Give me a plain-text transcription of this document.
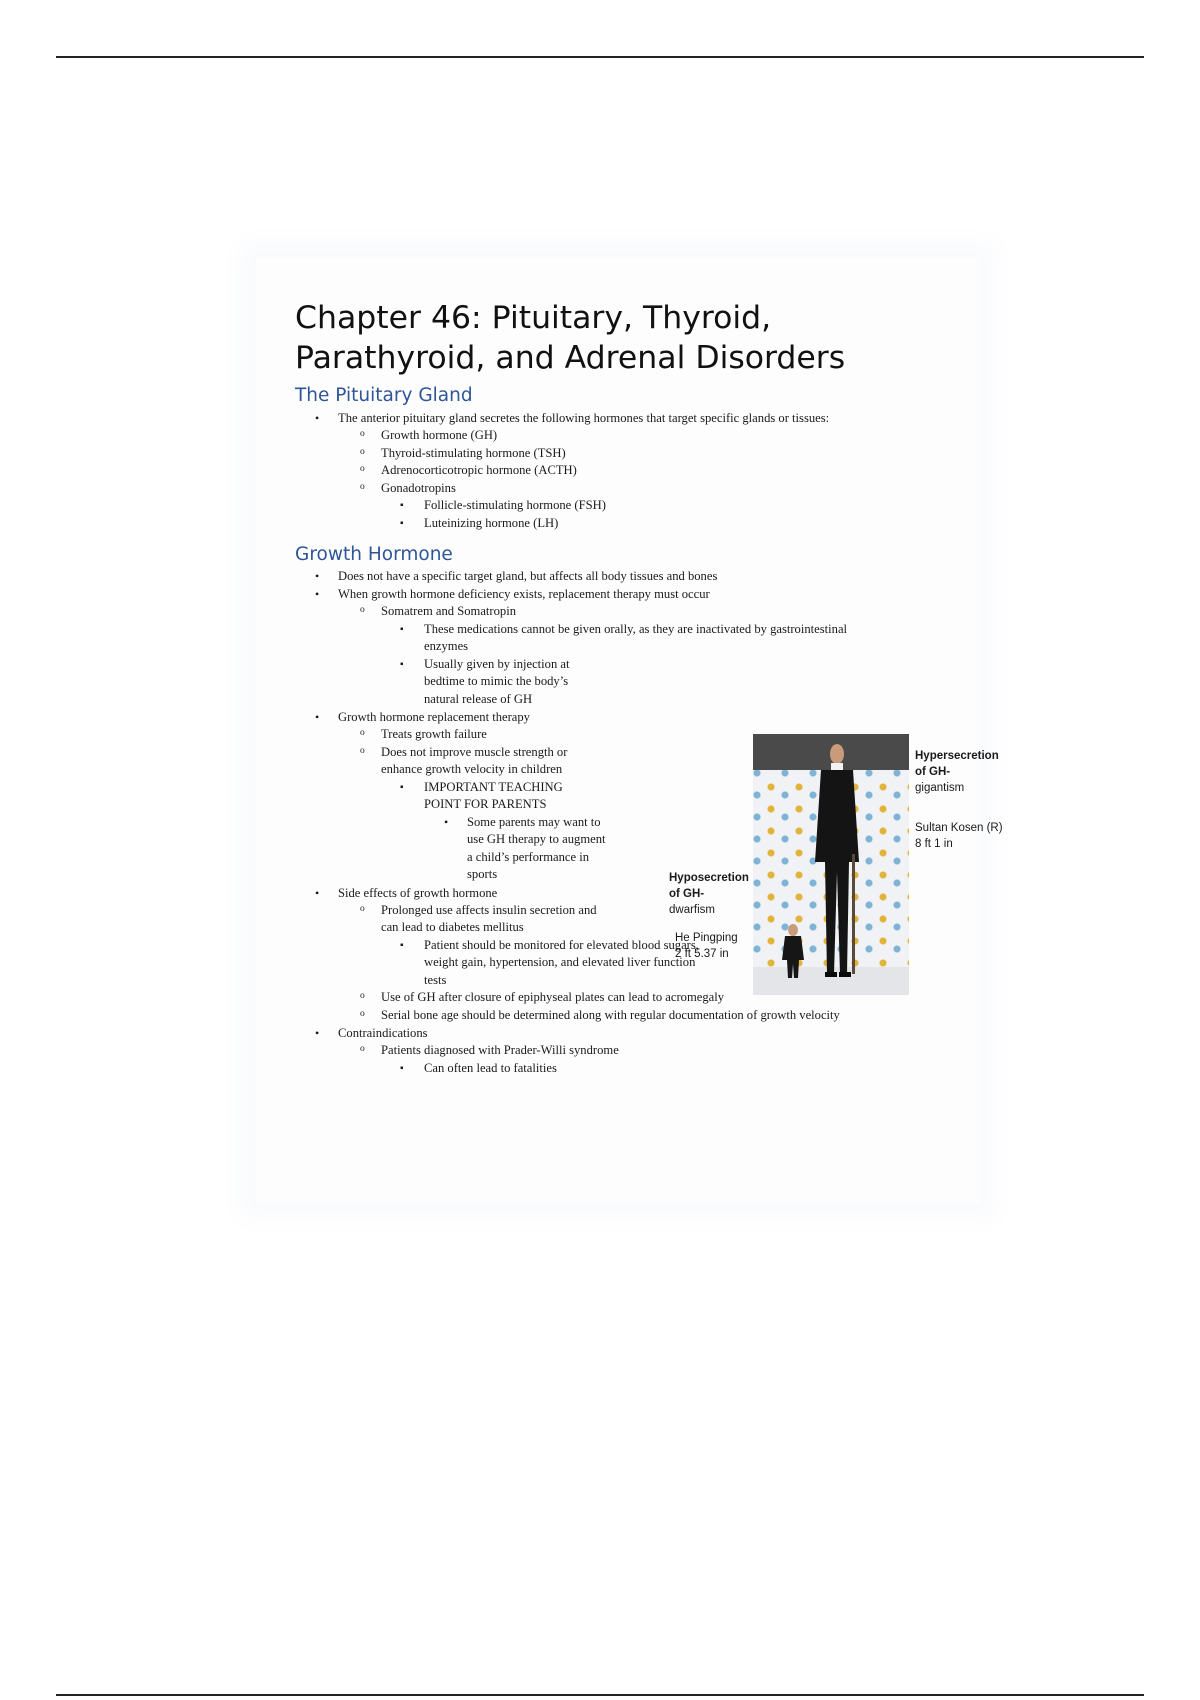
Chapter 46: Pituitary, Thyroid,
Parathyroid, and Adrenal Disorders
The Pituitary Gland
• The anterior pituitary gland secretes the following hormones that target specific glands or tissues:
o Growth hormone (GH)
o Thyroid-stimulating hormone (TSH)
o Adrenocorticotropic hormone (ACTH)
o Gonadotropins
▪ Follicle-stimulating hormone (FSH)
▪ Luteinizing hormone (LH)
Growth Hormone
• Does not have a specific target gland, but affects all body tissues and bones
• When growth hormone deficiency exists, replacement therapy must occur
o Somatrem and Somatropin
▪ These medications cannot be given orally, as they are inactivated by gastrointestinal enzymes
▪ Usually given by injection at bedtime to mimic the body’s natural release of GH
• Growth hormone replacement therapy
o Treats growth failure
o Does not improve muscle strength or enhance growth velocity in children
▪ IMPORTANT TEACHING POINT FOR PARENTS
• Some parents may want to use GH therapy to augment a child’s performance in sports
• Side effects of growth hormone
o Prolonged use affects insulin secretion and can lead to diabetes mellitus
▪ Patient should be monitored for elevated blood sugars, weight gain, hypertension, and elevated liver function tests
o Use of GH after closure of epiphyseal plates can lead to acromegaly
o Serial bone age should be determined along with regular documentation of growth velocity
• Contraindications
o Patients diagnosed with Prader-Willi syndrome
▪ Can often lead to fatalities

Hypersecretion
of GH-
gigantism

Sultan Kosen (R)
8 ft 1 in

Hyposecretion
of GH-
dwarfism

He Pingping
2 ft 5.37 in
